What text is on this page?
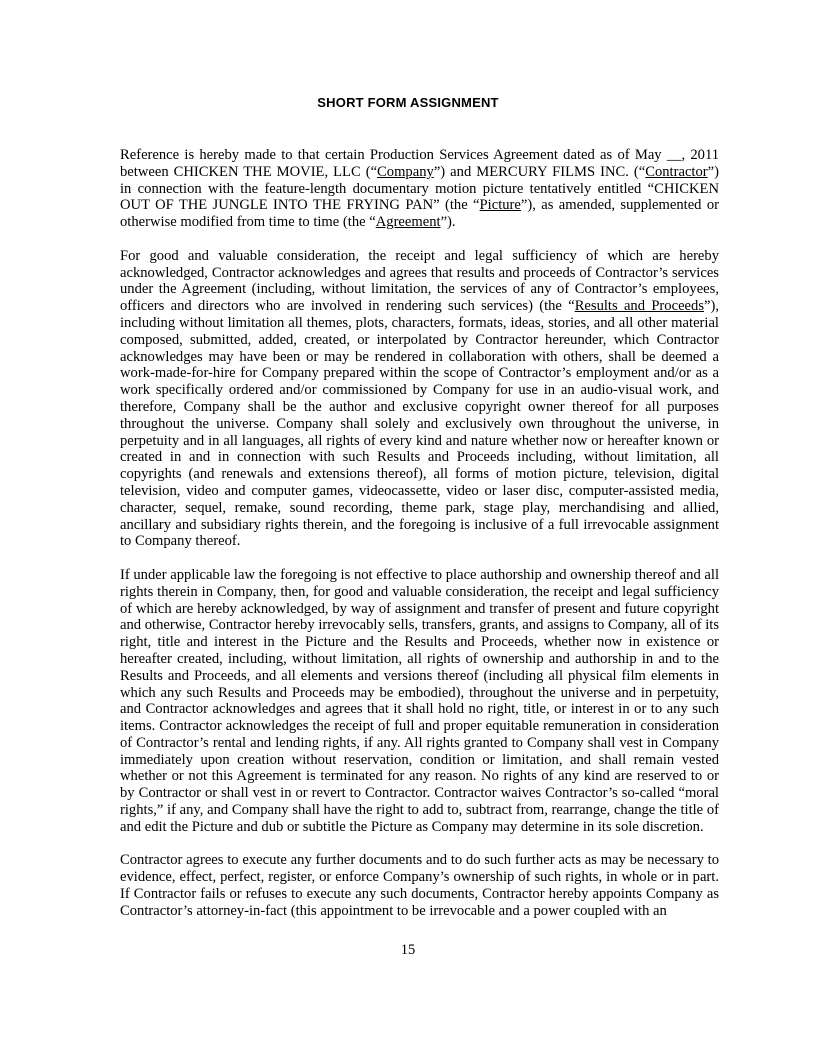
SHORT FORM ASSIGNMENT

Reference is hereby made to that certain Production Services Agreement dated as of May __, 2011 between CHICKEN THE MOVIE, LLC (“Company”) and MERCURY FILMS INC. (“Contractor”) in connection with the feature-length documentary motion picture tentatively entitled “CHICKEN OUT OF THE JUNGLE INTO THE FRYING PAN” (the “Picture”), as amended, supplemented or otherwise modified from time to time (the “Agreement”).

For good and valuable consideration, the receipt and legal sufficiency of which are hereby acknowledged, Contractor acknowledges and agrees that results and proceeds of Contractor’s services under the Agreement (including, without limitation, the services of any of Contractor’s employees, officers and directors who are involved in rendering such services) (the “Results and Proceeds”), including without limitation all themes, plots, characters, formats, ideas, stories, and all other material composed, submitted, added, created, or interpolated by Contractor hereunder, which Contractor acknowledges may have been or may be rendered in collaboration with others, shall be deemed a work-made-for-hire for Company prepared within the scope of Contractor’s employment and/or as a work specifically ordered and/or commissioned by Company for use in an audio-visual work, and therefore, Company shall be the author and exclusive copyright owner thereof for all purposes throughout the universe. Company shall solely and exclusively own throughout the universe, in perpetuity and in all languages, all rights of every kind and nature whether now or hereafter known or created in and in connection with such Results and Proceeds including, without limitation, all copyrights (and renewals and extensions thereof), all forms of motion picture, television, digital television, video and computer games, videocassette, video or laser disc, computer-assisted media, character, sequel, remake, sound recording, theme park, stage play, merchandising and allied, ancillary and subsidiary rights therein, and the foregoing is inclusive of a full irrevocable assignment to Company thereof.

If under applicable law the foregoing is not effective to place authorship and ownership thereof and all rights therein in Company, then, for good and valuable consideration, the receipt and legal sufficiency of which are hereby acknowledged, by way of assignment and transfer of present and future copyright and otherwise, Contractor hereby irrevocably sells, transfers, grants, and assigns to Company, all of its right, title and interest in the Picture and the Results and Proceeds, whether now in existence or hereafter created, including, without limitation, all rights of ownership and authorship in and to the Results and Proceeds, and all elements and versions thereof (including all physical film elements in which any such Results and Proceeds may be embodied), throughout the universe and in perpetuity, and Contractor acknowledges and agrees that it shall hold no right, title, or interest in or to any such items. Contractor acknowledges the receipt of full and proper equitable remuneration in consideration of Contractor’s rental and lending rights, if any. All rights granted to Company shall vest in Company immediately upon creation without reservation, condition or limitation, and shall remain vested whether or not this Agreement is terminated for any reason. No rights of any kind are reserved to or by Contractor or shall vest in or revert to Contractor. Contractor waives Contractor’s so-called “moral rights,” if any, and Company shall have the right to add to, subtract from, rearrange, change the title of and edit the Picture and dub or subtitle the Picture as Company may determine in its sole discretion.

Contractor agrees to execute any further documents and to do such further acts as may be necessary to evidence, effect, perfect, register, or enforce Company’s ownership of such rights, in whole or in part. If Contractor fails or refuses to execute any such documents, Contractor hereby appoints Company as Contractor’s attorney-in-fact (this appointment to be irrevocable and a power coupled with an

15
